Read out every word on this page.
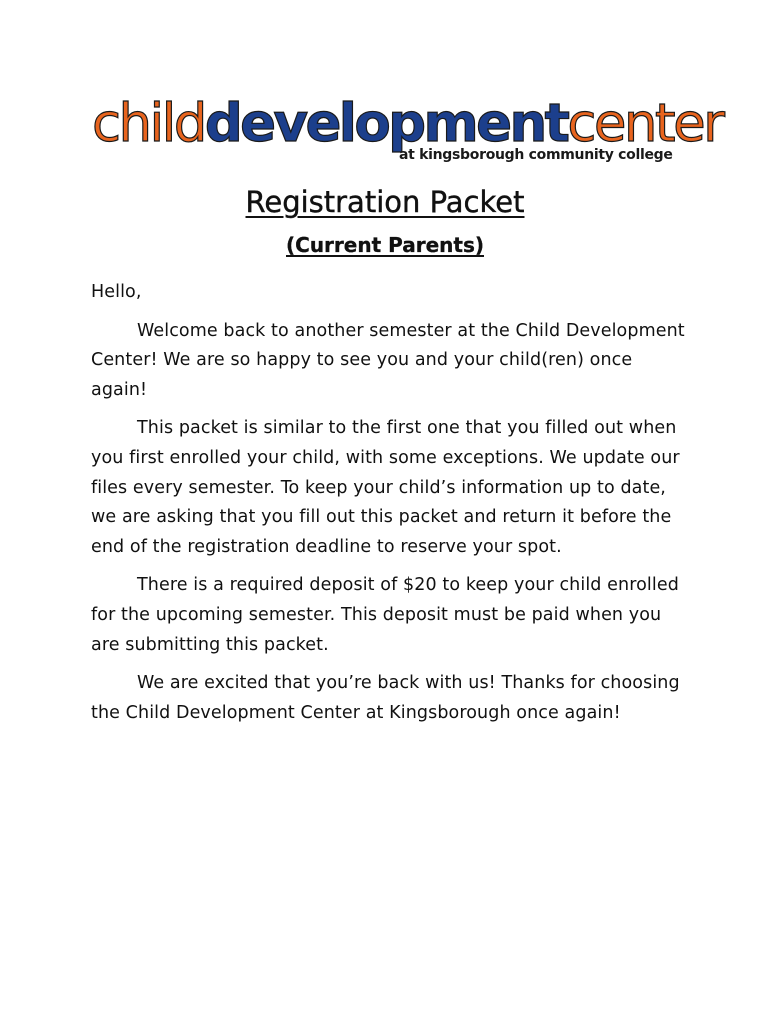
childdevelopmentcenter
at kingsborough community college
Registration Packet
(Current Parents)

Hello,

Welcome back to another semester at the Child Development Center! We are so happy to see you and your child(ren) once again!

This packet is similar to the first one that you filled out when you first enrolled your child, with some exceptions. We update our files every semester. To keep your child’s information up to date, we are asking that you fill out this packet and return it before the end of the registration deadline to reserve your spot.

There is a required deposit of $20 to keep your child enrolled for the upcoming semester. This deposit must be paid when you are submitting this packet.

We are excited that you’re back with us! Thanks for choosing the Child Development Center at Kingsborough once again!
